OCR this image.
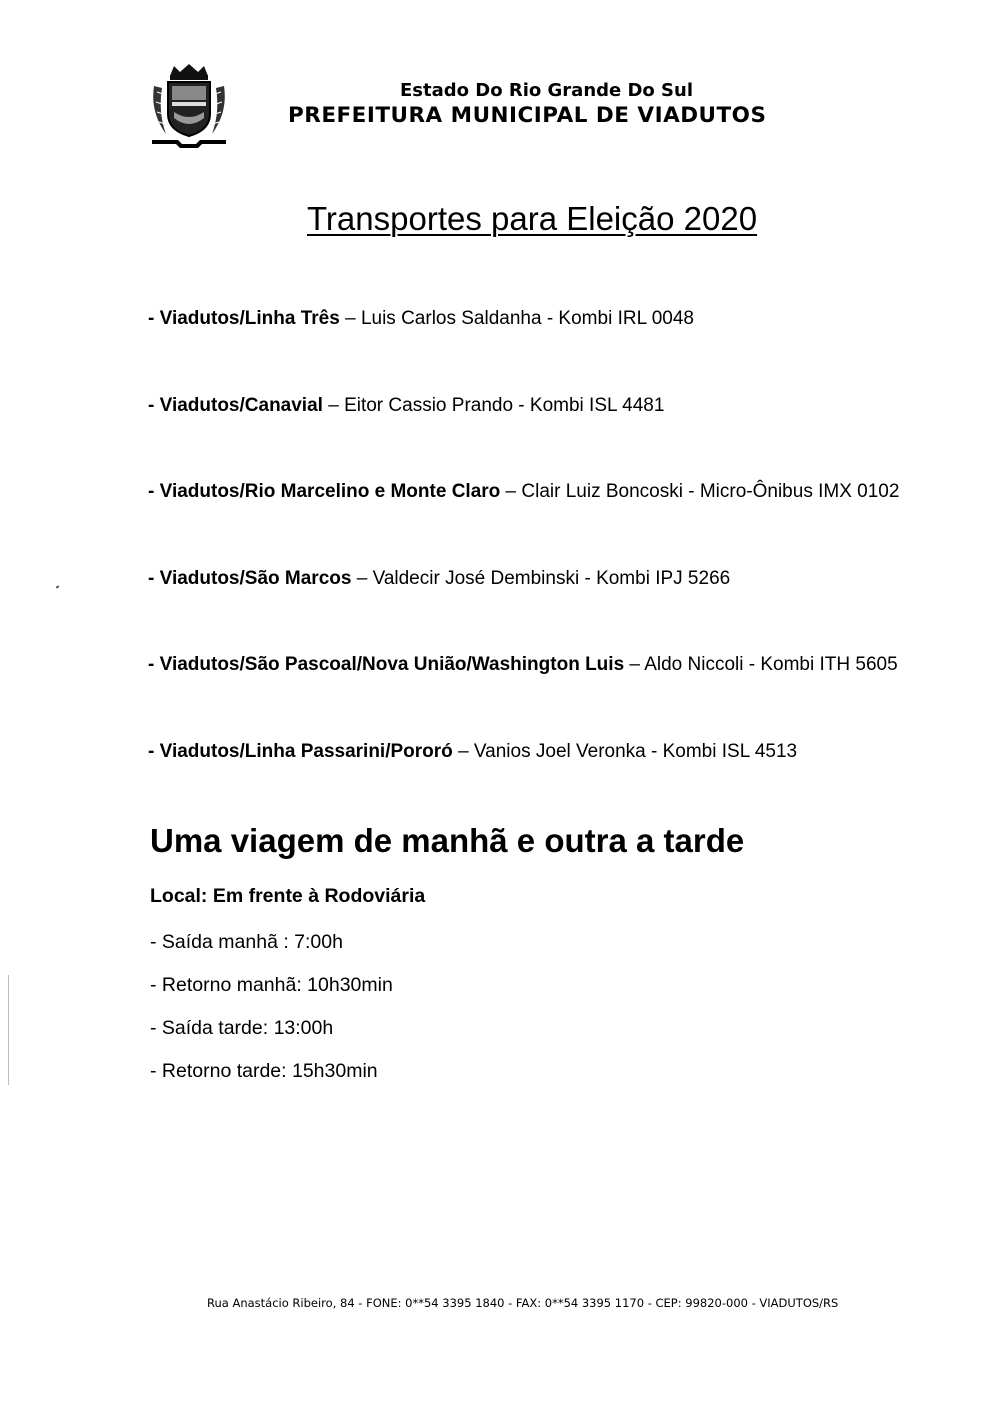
Estado Do Rio Grande Do Sul
PREFEITURA MUNICIPAL DE VIADUTOS
Transportes para Eleição 2020
- Viadutos/Linha Três – Luis Carlos Saldanha - Kombi IRL 0048
- Viadutos/Canavial – Eitor Cassio Prando - Kombi ISL 4481
- Viadutos/Rio Marcelino e Monte Claro – Clair Luiz Boncoski - Micro-Ônibus IMX 0102
- Viadutos/São Marcos – Valdecir José Dembinski - Kombi IPJ 5266
- Viadutos/São Pascoal/Nova União/Washington Luis – Aldo Niccoli - Kombi ITH 5605
- Viadutos/Linha Passarini/Pororó – Vanios Joel Veronka - Kombi ISL 4513
Uma viagem de manhã e outra a tarde
Local: Em frente à Rodoviária
- Saída manhã : 7:00h
- Retorno manhã: 10h30min
- Saída tarde: 13:00h
- Retorno tarde: 15h30min
Rua Anastácio Ribeiro, 84 - FONE: 0**54 3395 1840 - FAX: 0**54 3395 1170 - CEP: 99820-000 - VIADUTOS/RS
